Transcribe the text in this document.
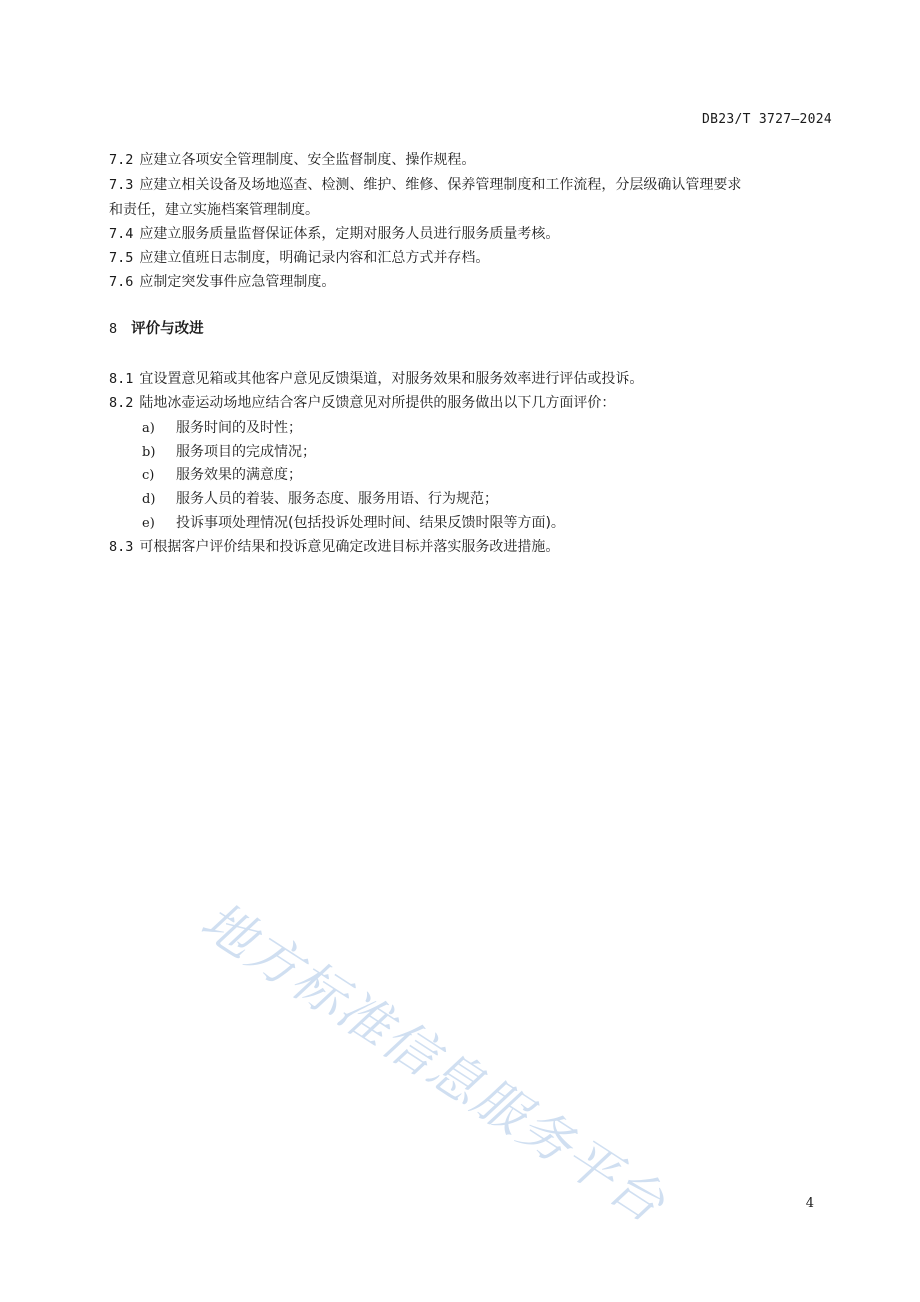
DB23/T 3727—2024
7.2 应建立各项安全管理制度、安全监督制度、操作规程。
7.3 应建立相关设备及场地巡查、检测、维护、维修、保养管理制度和工作流程，分层级确认管理要求
和责任，建立实施档案管理制度。
7.4 应建立服务质量监督保证体系，定期对服务人员进行服务质量考核。
7.5 应建立值班日志制度，明确记录内容和汇总方式并存档。
7.6 应制定突发事件应急管理制度。
8 评价与改进
8.1 宜设置意见箱或其他客户意见反馈渠道，对服务效果和服务效率进行评估或投诉。
8.2 陆地冰壶运动场地应结合客户反馈意见对所提供的服务做出以下几方面评价：
a) 服务时间的及时性；
b) 服务项目的完成情况；
c) 服务效果的满意度；
d) 服务人员的着装、服务态度、服务用语、行为规范；
e) 投诉事项处理情况(包括投诉处理时间、结果反馈时限等方面)。
8.3 可根据客户评价结果和投诉意见确定改进目标并落实服务改进措施。
地方标准信息服务平台	4
